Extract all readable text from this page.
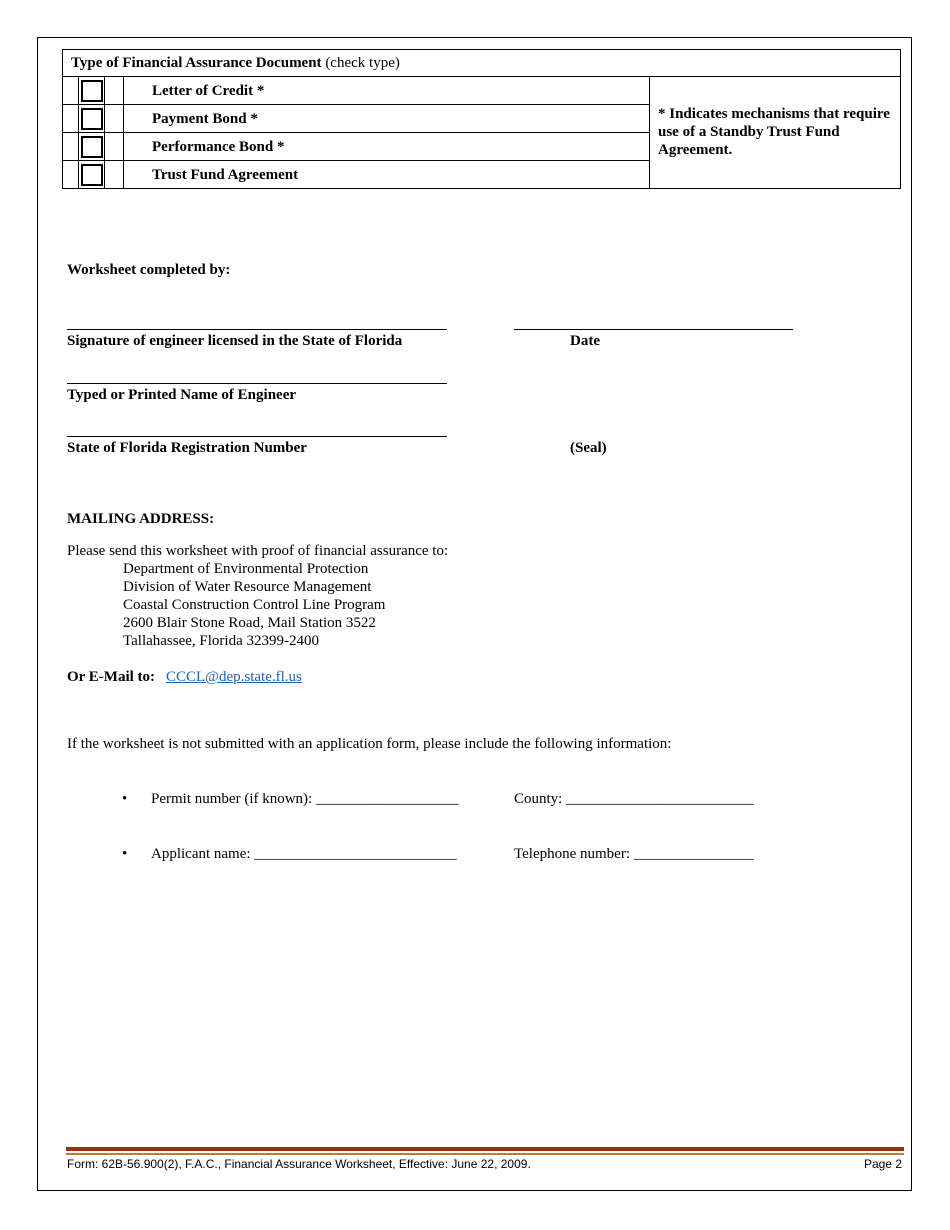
Type of Financial Assurance Document (check type)
Letter of Credit *
Payment Bond *
Performance Bond *
Trust Fund Agreement
* Indicates mechanisms that require use of a Standby Trust Fund Agreement.
Worksheet completed by:
Signature of engineer licensed in the State of Florida	Date
Typed or Printed Name of Engineer
State of Florida Registration Number	(Seal)
MAILING ADDRESS:
Please send this worksheet with proof of financial assurance to:
Department of Environmental Protection
Division of Water Resource Management
Coastal Construction Control Line Program
2600 Blair Stone Road, Mail Station 3522
Tallahassee, Florida 32399-2400
Or E-Mail to: CCCL@dep.state.fl.us
If the worksheet is not submitted with an application form, please include the following information:
• Permit number (if known): ___________________	County: _________________________
• Applicant name: ___________________________	Telephone number: ________________
Form: 62B-56.900(2), F.A.C., Financial Assurance Worksheet, Effective: June 22, 2009.	Page 2
